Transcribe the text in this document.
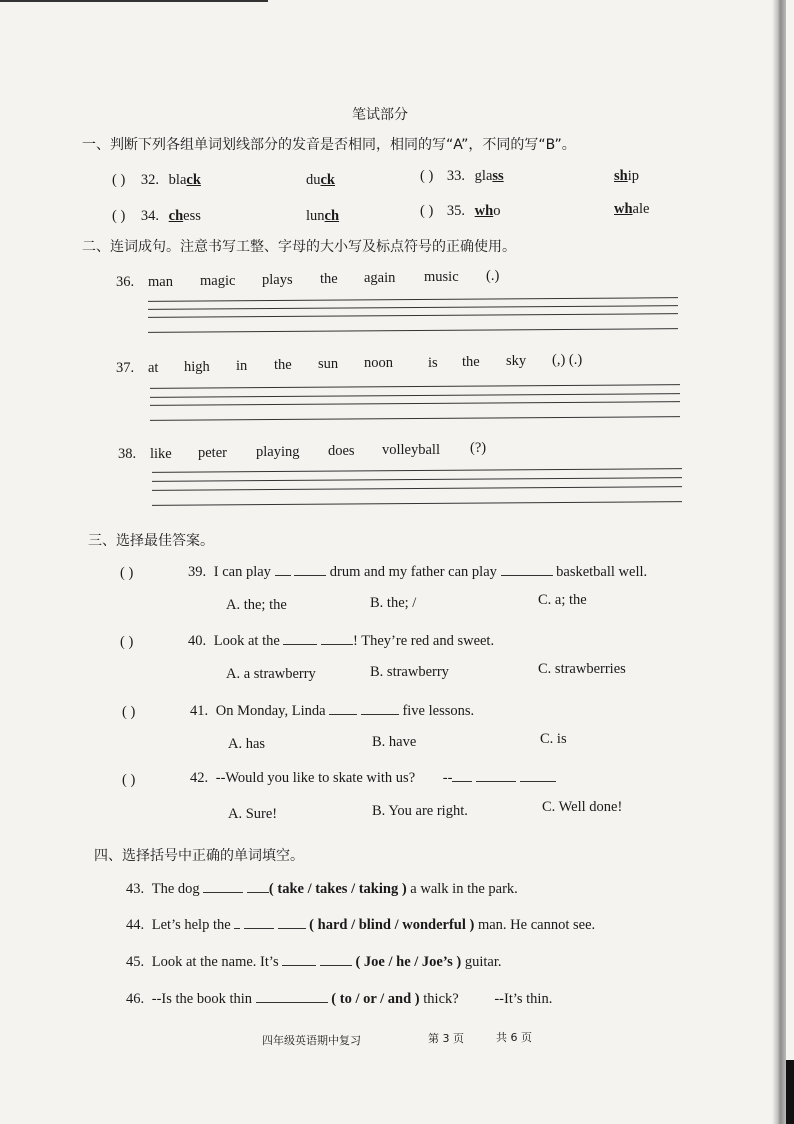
笔试部分
一、判断下列各组单词划线部分的发音是否相同，相同的写“A”，不同的写“B”。
( ) 32. black	duck	( ) 33. glass	ship
( ) 34. chess	lunch	( ) 35. who	whale
二、连词成句。注意书写工整、字母的大小写及标点符号的正确使用。
36. man magic plays the again music (.)
37. at high in the sun noon is the sky (,) (.)
38. like peter playing does volleyball (?)
三、选择最佳答案。
( )	39. I can play	drum and my father can play	basketball well.
A. the; the	B. the; /	C. a; the
( )	40. Look at the	! They’re red and sweet.
A. a strawberry	B. strawberry	C. strawberries
( )	41. On Monday, Linda	five lessons.
A. has	B. have	C. is
( )	42. --Would you like to skate with us? --
A. Sure!	B. You are right.	C. Well done!
四、选择括号中正确的单词填空。
43. The dog	( take / takes / taking ) a walk in the park.
44. Let’s help the	( hard / blind / wonderful ) man. He cannot see.
45. Look at the name. It’s	( Joe / he / Joe’s ) guitar.
46. --Is the book thin	( to / or / and ) thick? --It’s thin.
四年级英语期中复习	第 3 页	共 6 页
